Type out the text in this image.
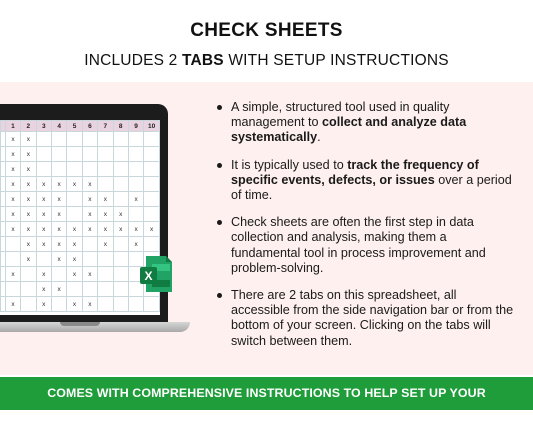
CHECK SHEETS
INCLUDES 2 TABS WITH SETUP INSTRUCTIONS
	1	2	3	4	5	6	7	8	9	10
	x	x								
	x	x								
	x	x								
	x	x	x	x	x	x				
	x	x	x	x		x	x		x	
	x	x	x	x		x	x	x		
	x	x	x	x	x	x	x	x	x	x
		x	x	x	x		x		x	
		x		x	x					
	x		x		x	x				
			x	x						
	x		x		x	x				
X
A simple, structured tool used in quality management to collect and analyze data systematically.
It is typically used to track the frequency of specific events, defects, or issues over a period of time.
Check sheets are often the first step in data collection and analysis, making them a fundamental tool in process improvement and problem-solving.
There are 2 tabs on this spreadsheet, all accessible from the side navigation bar or from the bottom of your screen. Clicking on the tabs will switch between them.
COMES WITH COMPREHENSIVE INSTRUCTIONS TO HELP SET UP YOUR SPREADSHEET
